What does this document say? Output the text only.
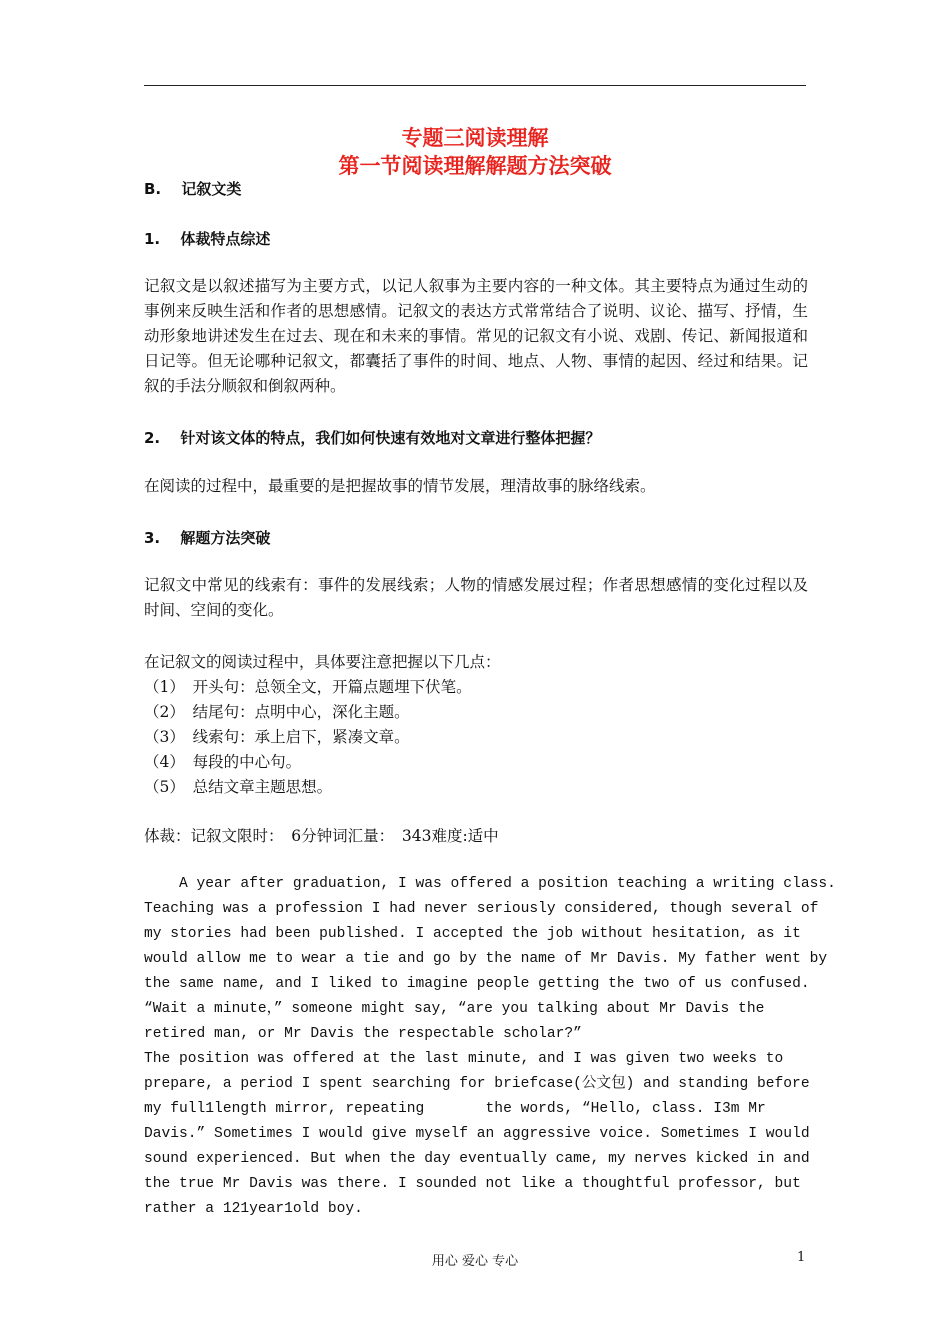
专题三阅读理解
第一节阅读理解解题方法突破
B.　 记叙文类
1.　 体裁特点综述
记叙文是以叙述描写为主要方式，以记人叙事为主要内容的一种文体。其主要特点为通过生动的事例来反映生活和作者的思想感情。记叙文的表达方式常常结合了说明、议论、描写、抒情，生动形象地讲述发生在过去、现在和未来的事情。常见的记叙文有小说、戏剧、传记、新闻报道和日记等。但无论哪种记叙文，都囊括了事件的时间、地点、人物、事情的起因、经过和结果。记叙的手法分顺叙和倒叙两种。
2.　 针对该文体的特点，我们如何快速有效地对文章进行整体把握？
在阅读的过程中，最重要的是把握故事的情节发展，理清故事的脉络线索。
3.　 解题方法突破
记叙文中常见的线索有：事件的发展线索；人物的情感发展过程；作者思想感情的变化过程以及时间、空间的变化。
在记叙文的阅读过程中，具体要注意把握以下几点：
（1）　开头句：总领全文，开篇点题埋下伏笔。
（2）　结尾句：点明中心，深化主题。
（3）　线索句：承上启下，紧凑文章。
（4）　每段的中心句。
（5）　总结文章主题思想。
体裁：记叙文限时：　6分钟词汇量：　343难度:适中
A year after graduation, I was offered a position teaching a writing class.
Teaching was a profession I had never seriously considered, though several of
my stories had been published. I accepted the job without hesitation, as it
would allow me to wear a tie and go by the name of Mr Davis. My father went by
the same name, and I liked to imagine people getting the two of us confused.
“Wait a minute，” someone might say, “are you talking about Mr Davis the
retired man, or Mr Davis the respectable scholar?”
The position was offered at the last minute, and I was given two weeks to
prepare, a period I spent searching for briefcase(公文包) and standing before
my full1length mirror, repeating       the words, “Hello, class. I3m Mr
Davis.” Sometimes I would give myself an aggressive voice. Sometimes I would
sound experienced. But when the day eventually came, my nerves kicked in and
the true Mr Davis was there. I sounded not like a thoughtful professor, but
rather a 121year1old boy.
用心 爱心 专心	1
